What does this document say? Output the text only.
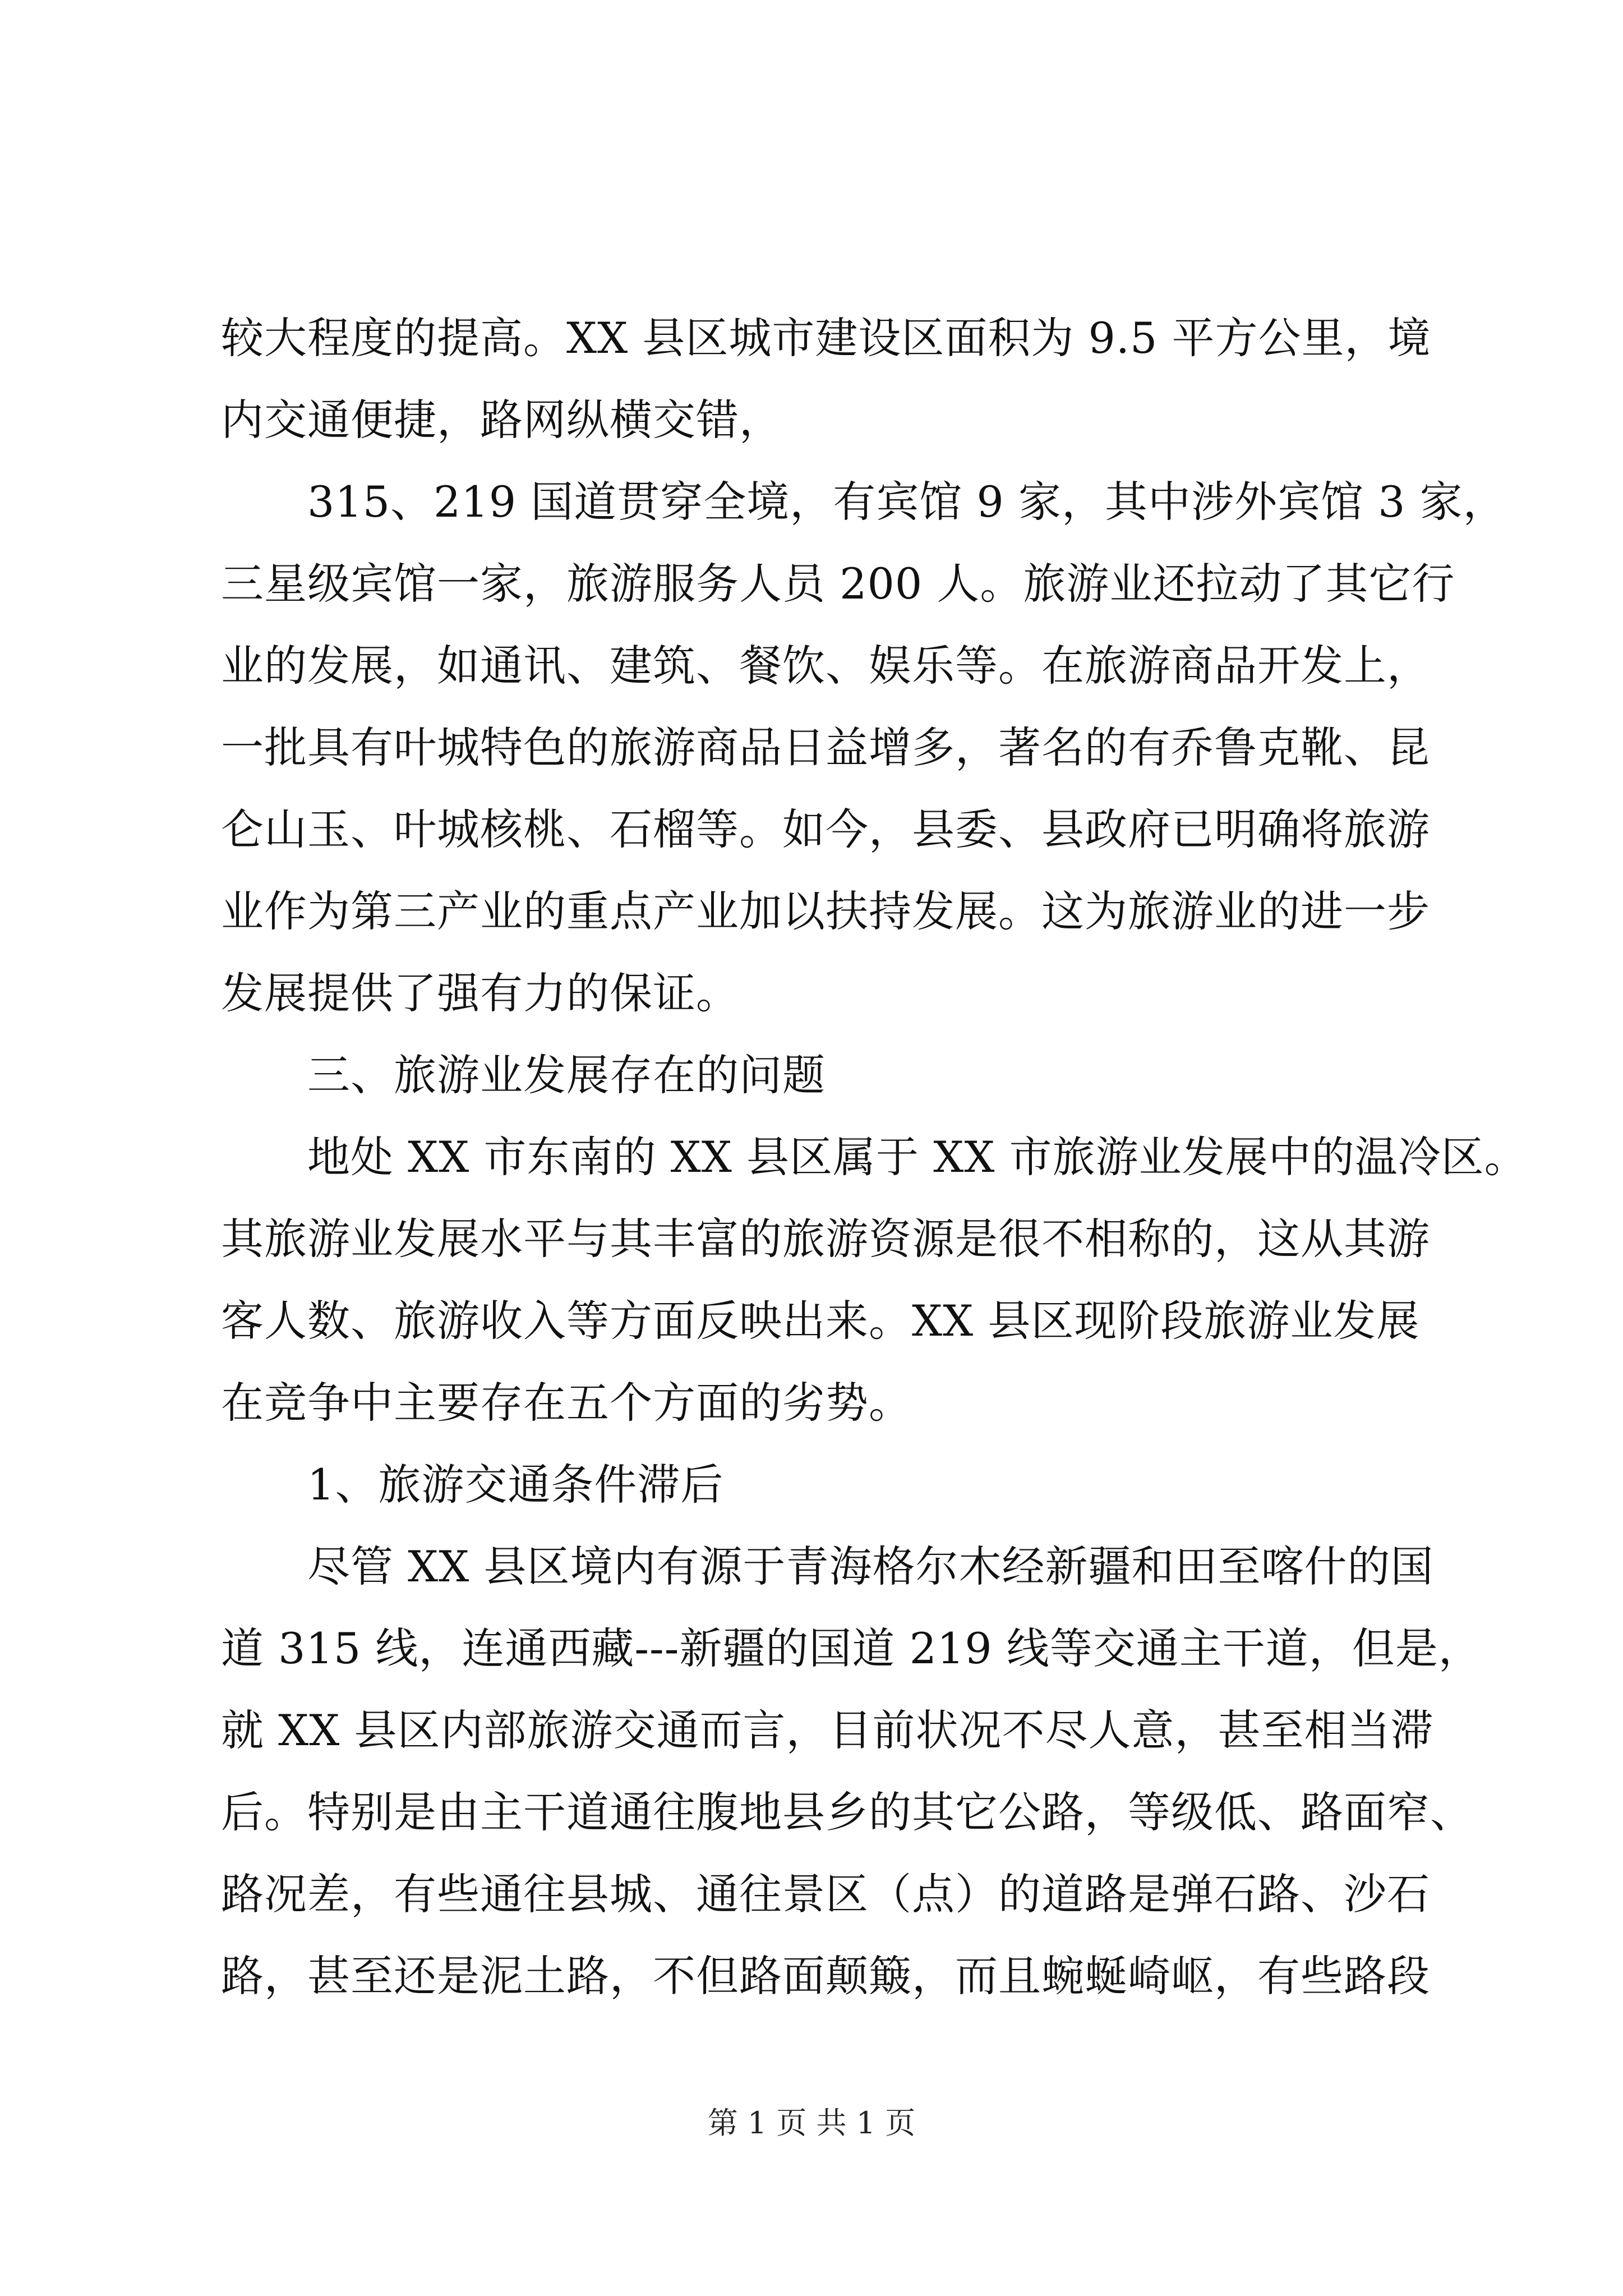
较大程度的提高。XX 县区城市建设区面积为 9.5 平方公里，境
内交通便捷，路网纵横交错，
　　315、219 国道贯穿全境，有宾馆 9 家，其中涉外宾馆 3 家，
三星级宾馆一家，旅游服务人员 200 人。旅游业还拉动了其它行
业的发展，如通讯、建筑、餐饮、娱乐等。在旅游商品开发上，
一批具有叶城特色的旅游商品日益增多，著名的有乔鲁克靴、昆
仑山玉、叶城核桃、石榴等。如今，县委、县政府已明确将旅游
业作为第三产业的重点产业加以扶持发展。这为旅游业的进一步
发展提供了强有力的保证。
　　三、旅游业发展存在的问题
　　地处 XX 市东南的 XX 县区属于 XX 市旅游业发展中的温冷区。
其旅游业发展水平与其丰富的旅游资源是很不相称的，这从其游
客人数、旅游收入等方面反映出来。XX 县区现阶段旅游业发展
在竞争中主要存在五个方面的劣势。
　　1、旅游交通条件滞后
　　尽管 XX 县区境内有源于青海格尔木经新疆和田至喀什的国
道 315 线，连通西藏---新疆的国道 219 线等交通主干道，但是，
就 XX 县区内部旅游交通而言，目前状况不尽人意，甚至相当滞
后。特别是由主干道通往腹地县乡的其它公路，等级低、路面窄、
路况差，有些通往县城、通往景区（点）的道路是弹石路、沙石
路，甚至还是泥土路，不但路面颠簸，而且蜿蜒崎岖，有些路段
第 1 页 共 1 页
